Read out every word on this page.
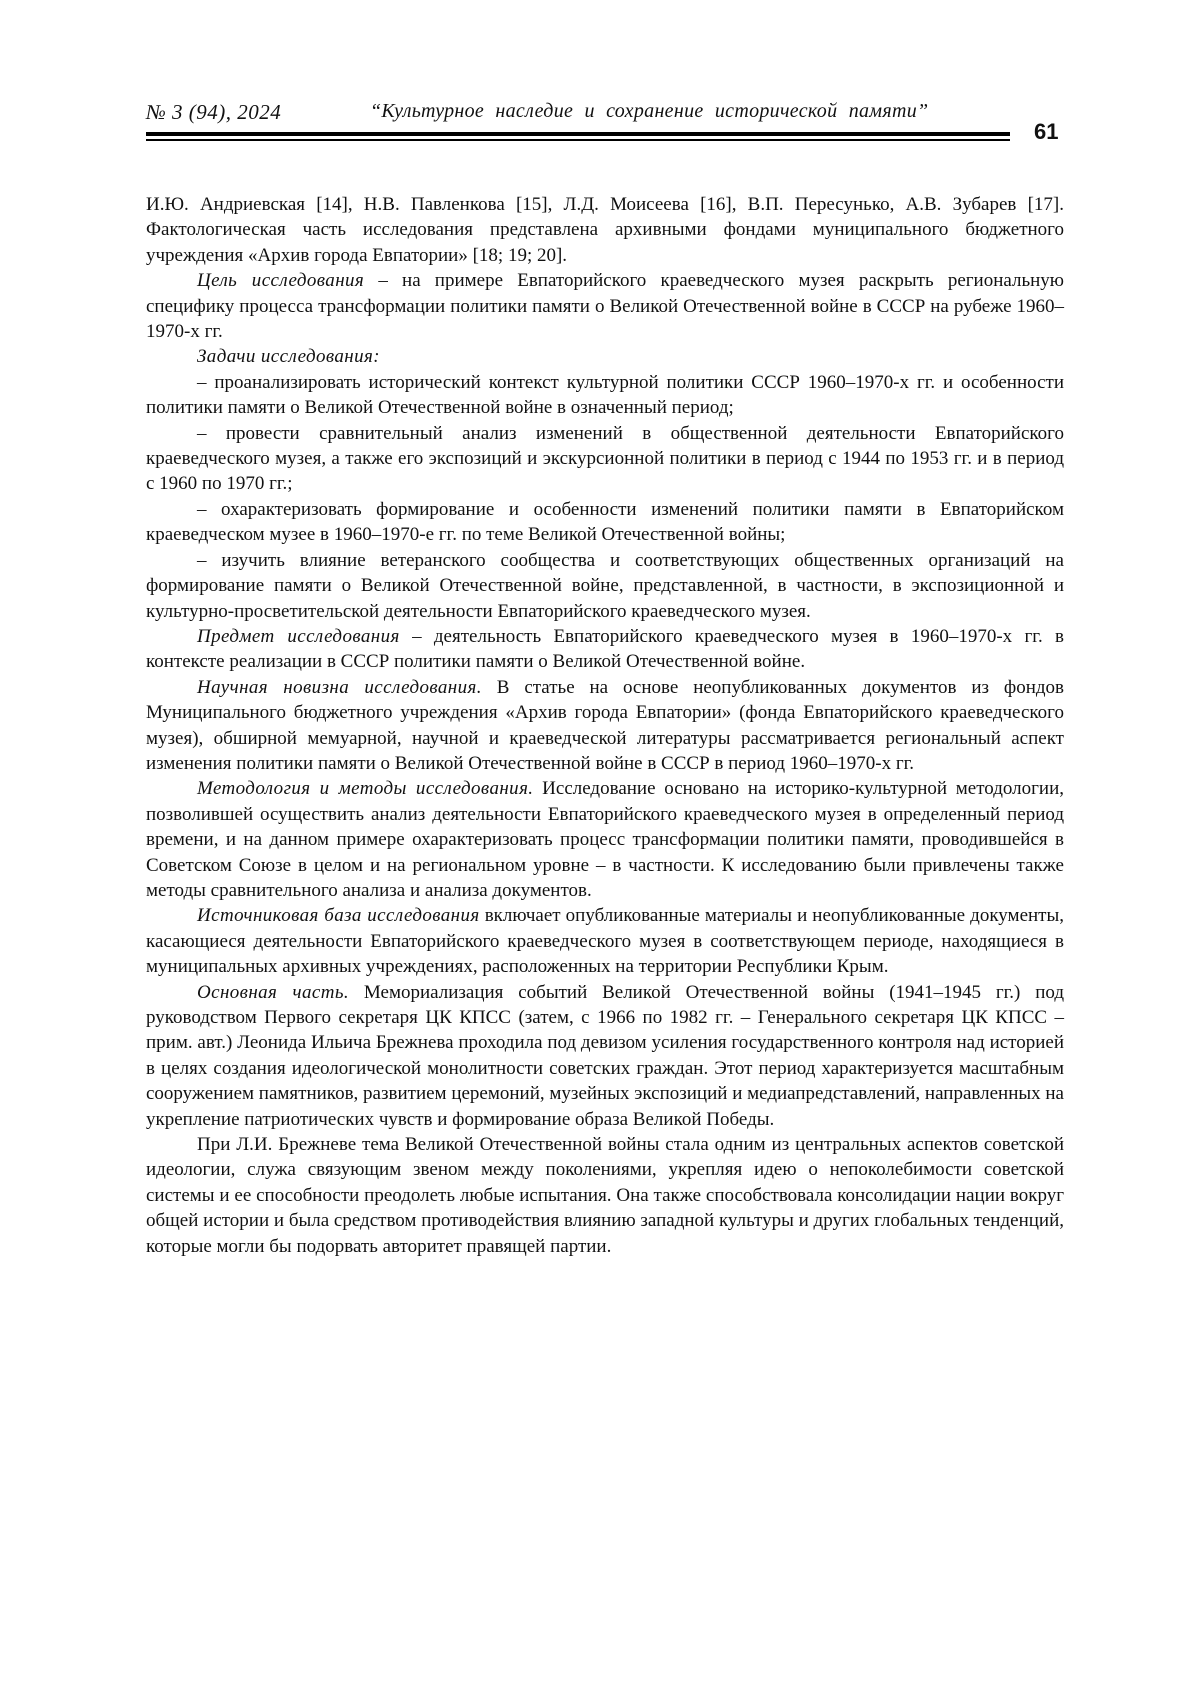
№ 3 (94), 2024	“Культурное наследие и сохранение исторической памяти”
61

И.Ю. Андриевская [14], Н.В. Павленкова [15], Л.Д. Моисеева [16], В.П. Пересунько, А.В. Зубарев [17]. Фактологическая часть исследования представлена архивными фондами муниципального бюджетного учреждения «Архив города Евпатории» [18; 19; 20].

Цель исследования – на примере Евпаторийского краеведческого музея раскрыть региональную специфику процесса трансформации политики памяти о Великой Отечественной войне в СССР на рубеже 1960–1970-х гг.

Задачи исследования:

– проанализировать исторический контекст культурной политики СССР 1960–1970-х гг. и особенности политики памяти о Великой Отечественной войне в означенный период;

– провести сравнительный анализ изменений в общественной деятельности Евпаторийского краеведческого музея, а также его экспозиций и экскурсионной политики в период с 1944 по 1953 гг. и в период с 1960 по 1970 гг.;

– охарактеризовать формирование и особенности изменений политики памяти в Евпаторийском краеведческом музее в 1960–1970-е гг. по теме Великой Отечественной войны;

– изучить влияние ветеранского сообщества и соответствующих общественных организаций на формирование памяти о Великой Отечественной войне, представленной, в частности, в экспозиционной и культурно-просветительской деятельности Евпаторийского краеведческого музея.

Предмет исследования – деятельность Евпаторийского краеведческого музея в 1960–1970-х гг. в контексте реализации в СССР политики памяти о Великой Отечественной войне.

Научная новизна исследования. В статье на основе неопубликованных документов из фондов Муниципального бюджетного учреждения «Архив города Евпатории» (фонда Евпаторийского краеведческого музея), обширной мемуарной, научной и краеведческой литературы рассматривается региональный аспект изменения политики памяти о Великой Отечественной войне в СССР в период 1960–1970-х гг.

Методология и методы исследования. Исследование основано на историко-культурной методологии, позволившей осуществить анализ деятельности Евпаторийского краеведческого музея в определенный период времени, и на данном примере охарактеризовать процесс трансформации политики памяти, проводившейся в Советском Союзе в целом и на региональном уровне – в частности. К исследованию были привлечены также методы сравнительного анализа и анализа документов.

Источниковая база исследования включает опубликованные материалы и неопубликованные документы, касающиеся деятельности Евпаторийского краеведческого музея в соответствующем периоде, находящиеся в муниципальных архивных учреждениях, расположенных на территории Республики Крым.

Основная часть. Мемориализация событий Великой Отечественной войны (1941–1945 гг.) под руководством Первого секретаря ЦК КПСС (затем, с 1966 по 1982 гг. – Генерального секретаря ЦК КПСС – прим. авт.) Леонида Ильича Брежнева проходила под девизом усиления государственного контроля над историей в целях создания идеологической монолитности советских граждан. Этот период характеризуется масштабным сооружением памятников, развитием церемоний, музейных экспозиций и медиапредставлений, направленных на укрепление патриотических чувств и формирование образа Великой Победы.

При Л.И. Брежневе тема Великой Отечественной войны стала одним из центральных аспектов советской идеологии, служа связующим звеном между поколениями, укрепляя идею о непоколебимости советской системы и ее способности преодолеть любые испытания. Она также способствовала консолидации нации вокруг общей истории и была средством противодействия влиянию западной культуры и других глобальных тенденций, которые могли бы подорвать авторитет правящей партии.
